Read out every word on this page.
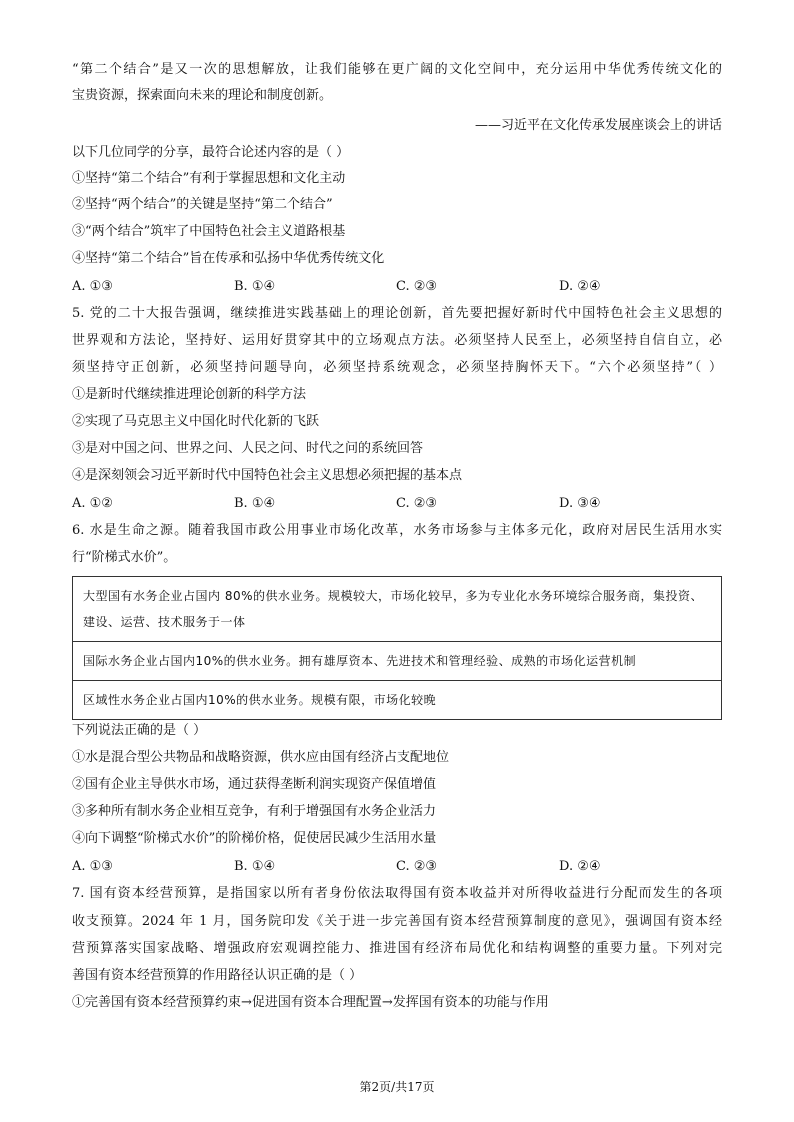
“第二个结合”是又一次的思想解放，让我们能够在更广阔的文化空间中，充分运用中华优秀传统文化的
宝贵资源，探索面向未来的理论和制度创新。
——习近平在文化传承发展座谈会上的讲话
以下几位同学的分享，最符合论述内容的是（ ）
①坚持“第二个结合”有利于掌握思想和文化主动
②坚持“两个结合”的关键是坚持“第二个结合”
③“两个结合”筑牢了中国特色社会主义道路根基
④坚持“第二个结合”旨在传承和弘扬中华优秀传统文化
A. ①③	B. ①④	C. ②③	D. ②④
5. 党的二十大报告强调，继续推进实践基础上的理论创新，首先要把握好新时代中国特色社会主义思想的
世界观和方法论，坚持好、运用好贯穿其中的立场观点方法。必须坚持人民至上，必须坚持自信自立，必
须坚持守正创新，必须坚持问题导向，必须坚持系统观念，必须坚持胸怀天下。“六个必须坚持”（ ）
①是新时代继续推进理论创新的科学方法
②实现了马克思主义中国化时代化新的飞跃
③是对中国之问、世界之问、人民之问、时代之问的系统回答
④是深刻领会习近平新时代中国特色社会主义思想必须把握的基本点
A. ①②	B. ①④	C. ②③	D. ③④
6. 水是生命之源。随着我国市政公用事业市场化改革，水务市场参与主体多元化，政府对居民生活用水实
行“阶梯式水价”。
大型国有水务企业占国内 80%的供水业务。规模较大，市场化较早，多为专业化水务环境综合服务商，集投资、建设、运营、技术服务于一体
国际水务企业占国内10%的供水业务。拥有雄厚资本、先进技术和管理经验、成熟的市场化运营机制
区域性水务企业占国内10%的供水业务。规模有限，市场化较晚
下列说法正确的是（ ）
①水是混合型公共物品和战略资源，供水应由国有经济占支配地位
②国有企业主导供水市场，通过获得垄断利润实现资产保值增值
③多种所有制水务企业相互竞争，有利于增强国有水务企业活力
④向下调整“阶梯式水价”的阶梯价格，促使居民减少生活用水量
A. ①③	B. ①④	C. ②③	D. ②④
7. 国有资本经营预算，是指国家以所有者身份依法取得国有资本收益并对所得收益进行分配而发生的各项
收支预算。2024 年 1 月，国务院印发《关于进一步完善国有资本经营预算制度的意见》，强调国有资本经
营预算落实国家战略、增强政府宏观调控能力、推进国有经济布局优化和结构调整的重要力量。下列对完
善国有资本经营预算的作用路径认识正确的是（ ）
①完善国有资本经营预算约束→促进国有资本合理配置→发挥国有资本的功能与作用
第2页/共17页
